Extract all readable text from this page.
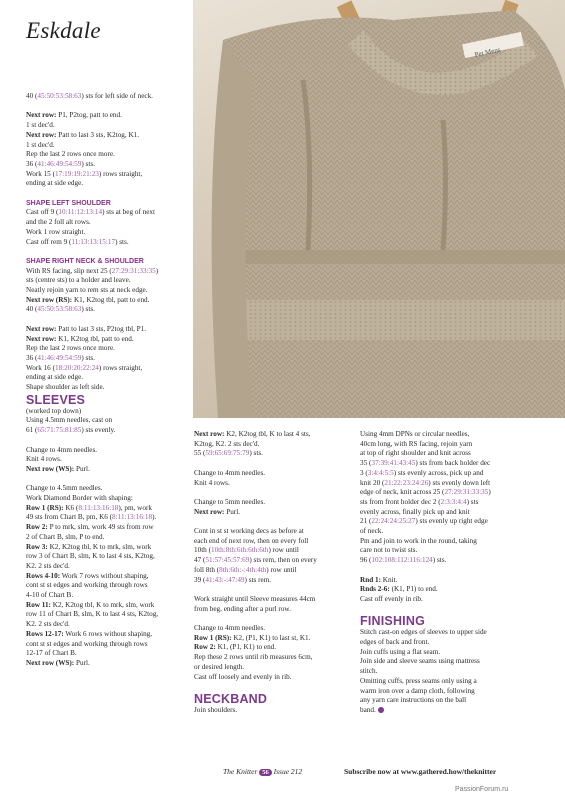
Eskdale
Pet Mens

40 (45:50:53:58:63) sts for left side of neck.

Next row: P1, P2tog, patt to end.

1 st dec'd.

Next row: Patt to last 3 sts, K2tog, K1.

1 st dec'd.

Rep the last 2 rows once more.

36 (41:46:49:54:59) sts.

Work 15 (17:19:19:21:23) rows straight,

ending at side edge.

SHAPE LEFT SHOULDER

Cast off 9 (10:11:12:13:14) sts at beg of next

and the 2 foll alt rows.

Work 1 row straight.

Cast off rem 9 (11:13:13:15:17) sts.

SHAPE RIGHT NECK & SHOULDER

With RS facing, slip next 25 (27:29:31:33:35)

sts (centre sts) to a holder and leave.

Neatly rejoin yarn to rem sts at neck edge.

Next row (RS): K1, K2tog tbl, patt to end.

40 (45:50:53:58:63) sts.

Next row: Patt to last 3 sts, P2tog tbl, P1.

Next row: K1, K2tog tbl, patt to end.

Rep the last 2 rows once more.

36 (41:46:49:54:59) sts.

Work 16 (18:20:20:22:24) rows straight,

ending at side edge.

Shape shoulder as left side.

SLEEVES

(worked top down)

Using 4.5mm needles, cast on

61 (65:71:75:81:85) sts evenly.

Change to 4mm needles.

Knit 4 rows.

Next row (WS): Purl.

Change to 4.5mm needles.

Work Diamond Border with shaping:

Row 1 (RS): K6 (8:11:13:16:18), pm, work

49 sts from Chart B, pm, K6 (8:11:13:16:18).

Row 2: P to mrk, slm, work 49 sts from row

2 of Chart B, slm, P to end.

Row 3: K2, K2tog tbl, K to mrk, slm, work

row 3 of Chart B, slm, K to last 4 sts, K2tog,

K2. 2 sts dec'd.

Rows 4-10: Work 7 rows without shaping,

cont st st edges and working through rows

4-10 of Chart B.

Row 11: K2, K2tog tbl, K to mrk, slm, work

row 11 of Chart B, slm, K to last 4 sts, K2tog,

K2. 2 sts dec'd.

Rows 12-17: Work 6 rows without shaping,

cont st st edges and working through rows

12-17 of Chart B.

Next row (WS): Purl.

Next row: K2, K2tog tbl, K to last 4 sts,

K2tog, K2. 2 sts dec'd.

55 (59:65:69:75:79) sts.

Change to 4mm needles.

Knit 4 rows.

Change to 5mm needles.

Next row: Purl.

Cont in st st working decs as before at

each end of next row, then on every foll

10th (10th:8th:6th:6th:6th) row until

47 (51:57:45:57:69) sts rem, then on every

foll 8th (8th:6th:-:4th:4th) row until

39 (41:43:-:47:49) sts rem.

Work straight until Sleeve measures 44cm

from beg, ending after a purl row.

Change to 4mm needles.

Row 1 (RS): K2, (P1, K1) to last st, K1.

Row 2: K1, (P1, K1) to end.

Rep these 2 rows until rib measures 6cm,

or desired length.

Cast off loosely and evenly in rib.

NECKBAND

Join shoulders.

Using 4mm DPNs or circular needles,

40cm long, with RS facing, rejoin yarn

at top of right shoulder and knit across

35 (37:39:41:43:45) sts from back holder dec

3 (3:4:4:5:5) sts evenly across, pick up and

knit 20 (21:22:23:24:26) sts evenly down left

edge of neck, knit across 25 (27:29:31:33:35)

sts from front holder dec 2 (2:3:3:4:4) sts

evenly across, finally pick up and knit

21 (22:24:24:25:27) sts evenly up right edge

of neck.

Pm and join to work in the round, taking

care not to twist sts.

96 (102:108:112:116:124) sts.

Rnd 1: Knit.

Rnds 2-6: (K1, P1) to end.

Cast off evenly in rib.

FINISHING

Stitch cast-on edges of sleeves to upper side

edges of back and front.

Join cuffs using a flat seam.

Join side and sleeve seams using mattress

stitch.

Omitting cuffs, press seams only using a

warm iron over a damp cloth, following

any yarn care instructions on the ball

band.

The Knitter 56 Issue 212	Subscribe now at www.gathered.how/theknitter
PassionForum.ru
